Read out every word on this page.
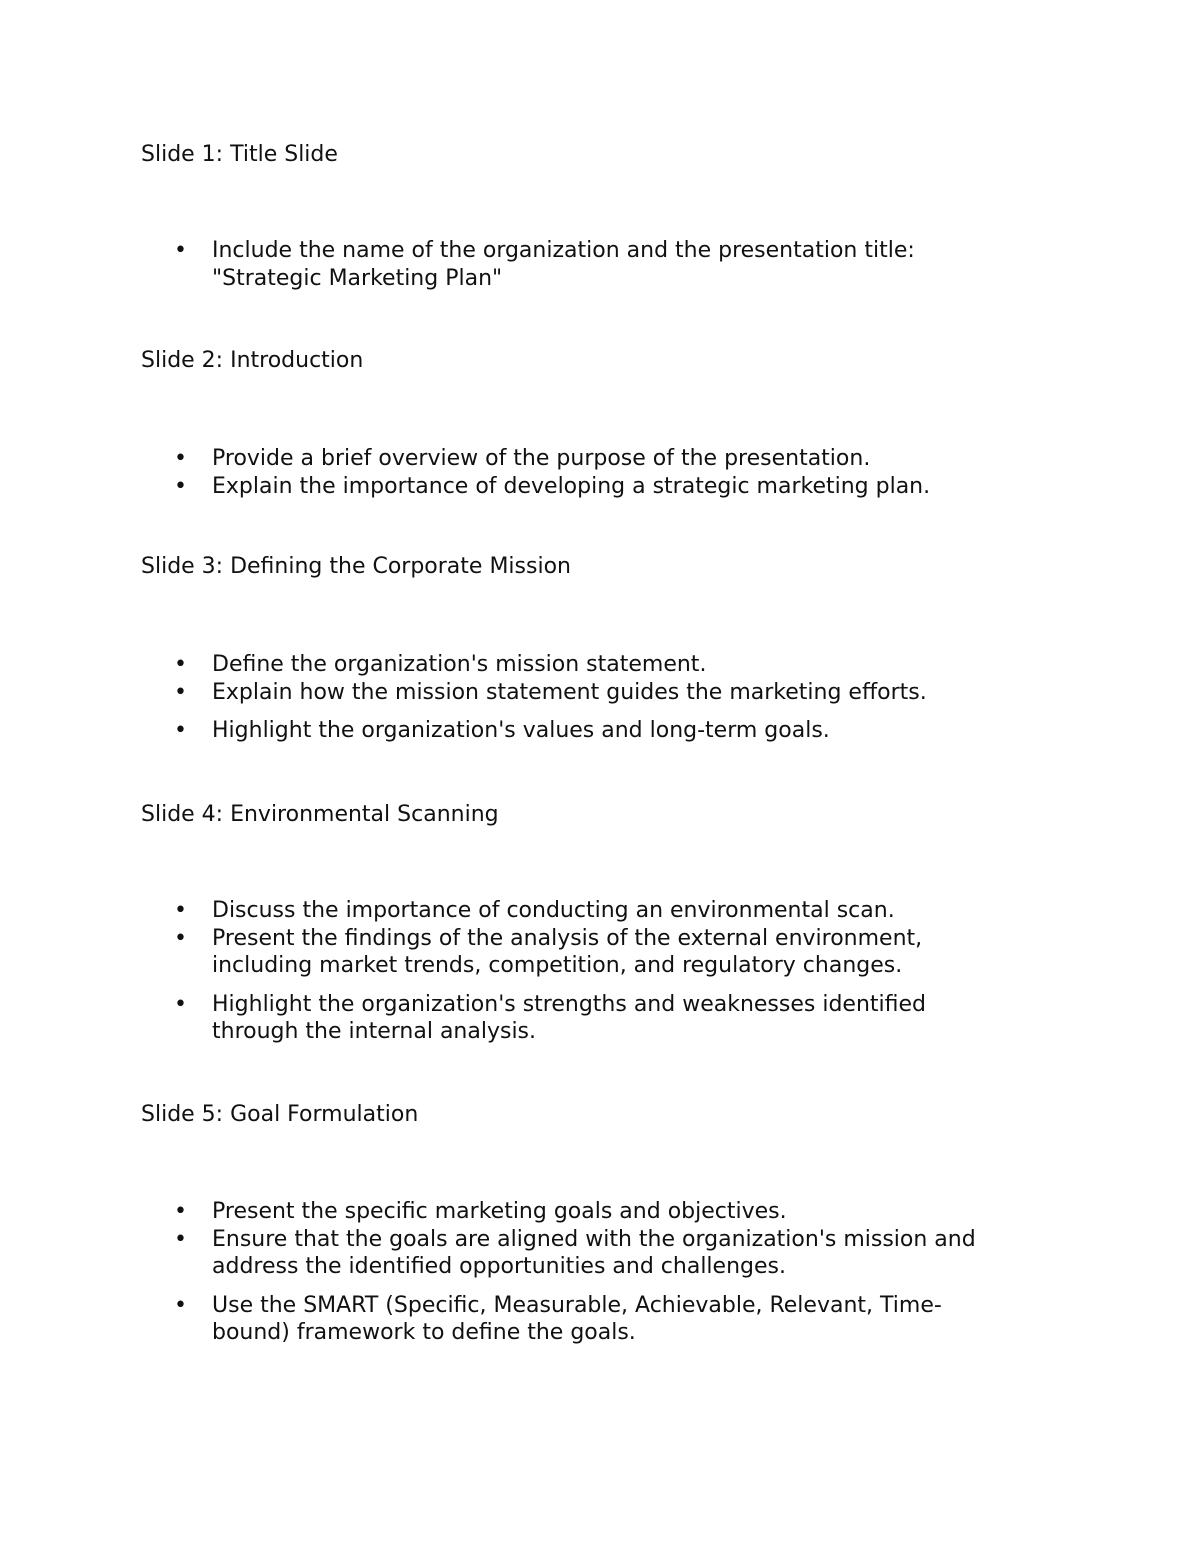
Slide 1: Title Slide
• Include the name of the organization and the presentation title:
"Strategic Marketing Plan"
Slide 2: Introduction
• Provide a brief overview of the purpose of the presentation.
• Explain the importance of developing a strategic marketing plan.
Slide 3: Defining the Corporate Mission
• Define the organization's mission statement.
• Explain how the mission statement guides the marketing efforts.
• Highlight the organization's values and long-term goals.
Slide 4: Environmental Scanning
• Discuss the importance of conducting an environmental scan.
• Present the findings of the analysis of the external environment,
including market trends, competition, and regulatory changes.
• Highlight the organization's strengths and weaknesses identified
through the internal analysis.
Slide 5: Goal Formulation
• Present the specific marketing goals and objectives.
• Ensure that the goals are aligned with the organization's mission and
address the identified opportunities and challenges.
• Use the SMART (Specific, Measurable, Achievable, Relevant, Time-
bound) framework to define the goals.
